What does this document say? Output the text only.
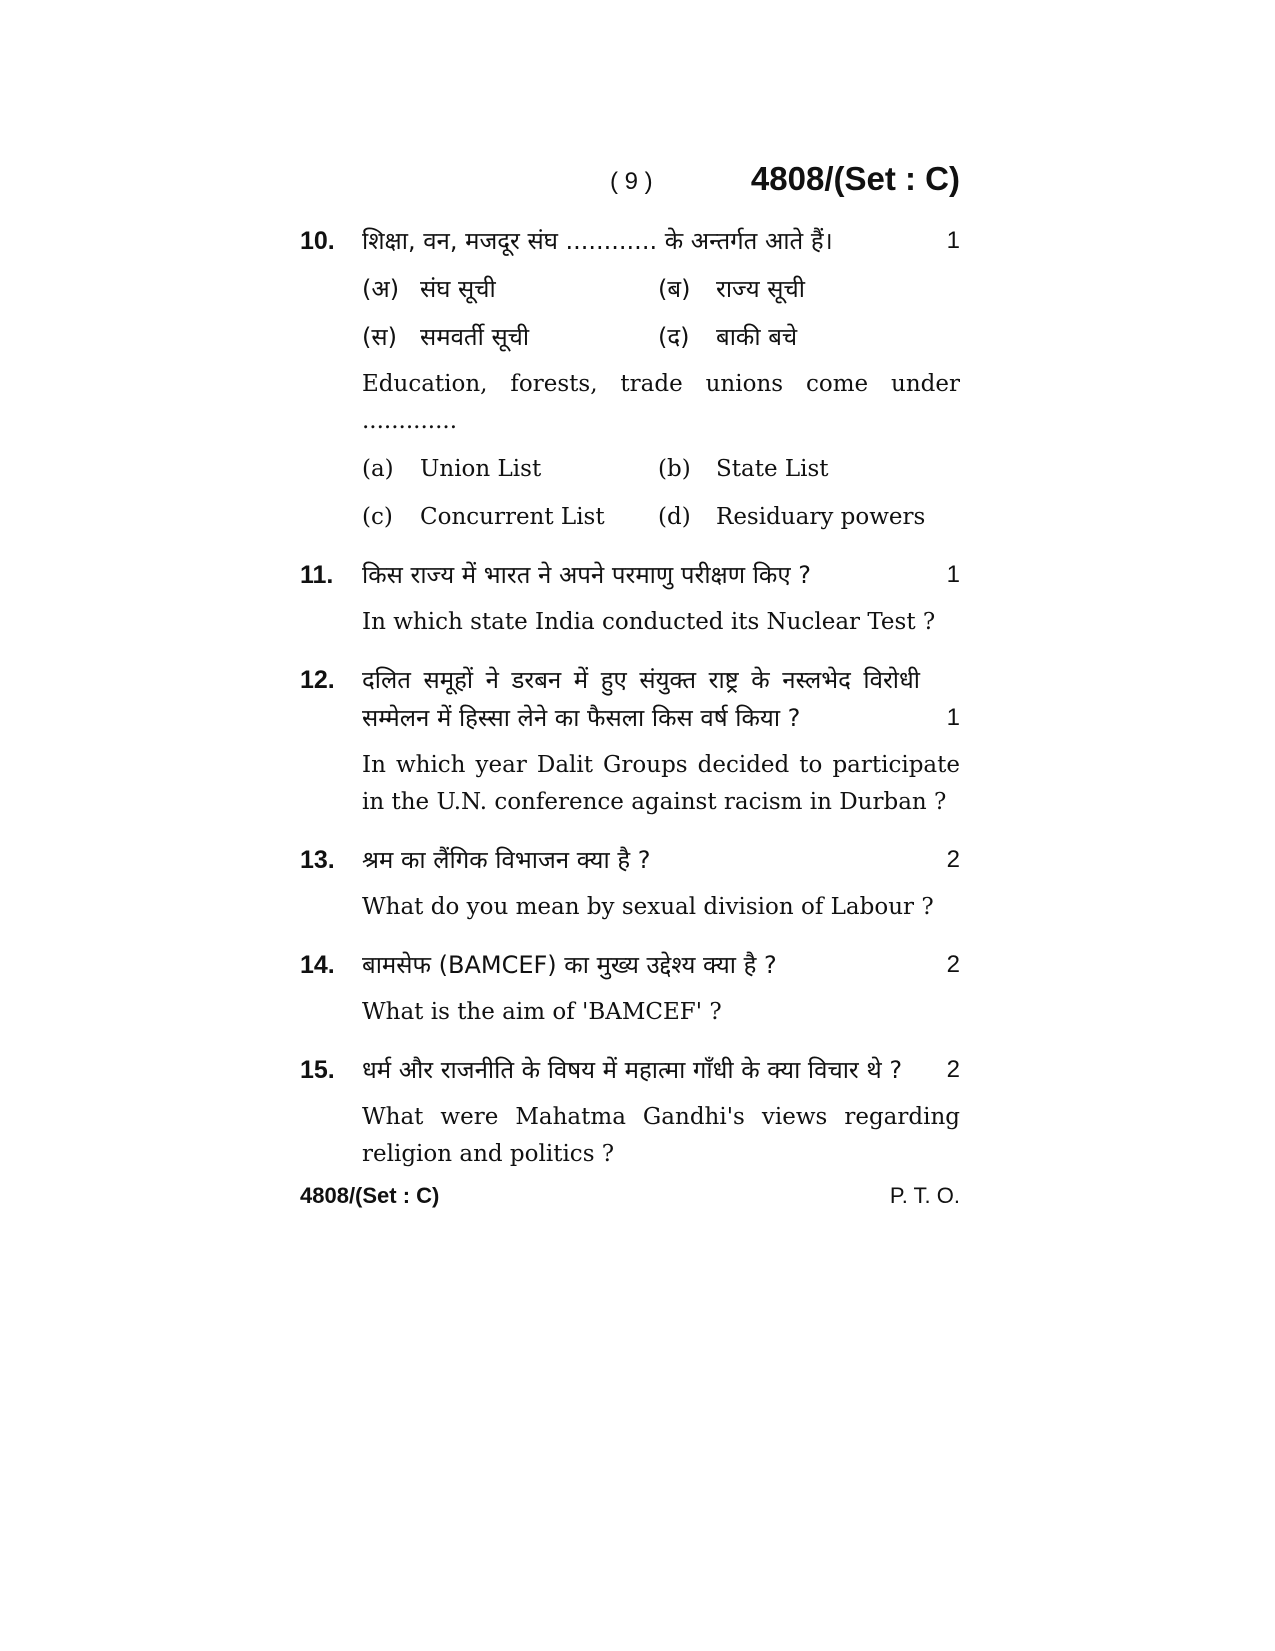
( 9 )	4808/(Set : C)
10.	शिक्षा, वन, मजदूर संघ ............ के अन्तर्गत आते हैं।
(अ) संघ सूची	(ब)	राज्य सूची
(स) समवर्ती सूची	(द)	बाकी बचे
Education, forests, trade unions come under .............
(a)	Union List	(b)	State List
(c)	Concurrent List (d)	Residuary powers
1
11.	किस राज्य में भारत ने अपने परमाणु परीक्षण किए ?
In which state India conducted its Nuclear Test ?
1
12.	दलित समूहों ने डरबन में हुए संयुक्त राष्ट्र के नस्लभेद विरोधी सम्मेलन में हिस्सा लेने का फैसला किस वर्ष किया ?
In which year Dalit Groups decided to participate in the U.N. conference against racism in Durban ?
1
13.	श्रम का लैंगिक विभाजन क्या है ?
What do you mean by sexual division of Labour ?
2
14.	बामसेफ (BAMCEF) का मुख्य उद्देश्य क्या है ?
What is the aim of 'BAMCEF' ?
2
15.	धर्म और राजनीति के विषय में महात्मा गाँधी के क्या विचार थे ?
What were Mahatma Gandhi's views regarding religion and politics ?
2
4808/(Set : C)	P. T. O.
